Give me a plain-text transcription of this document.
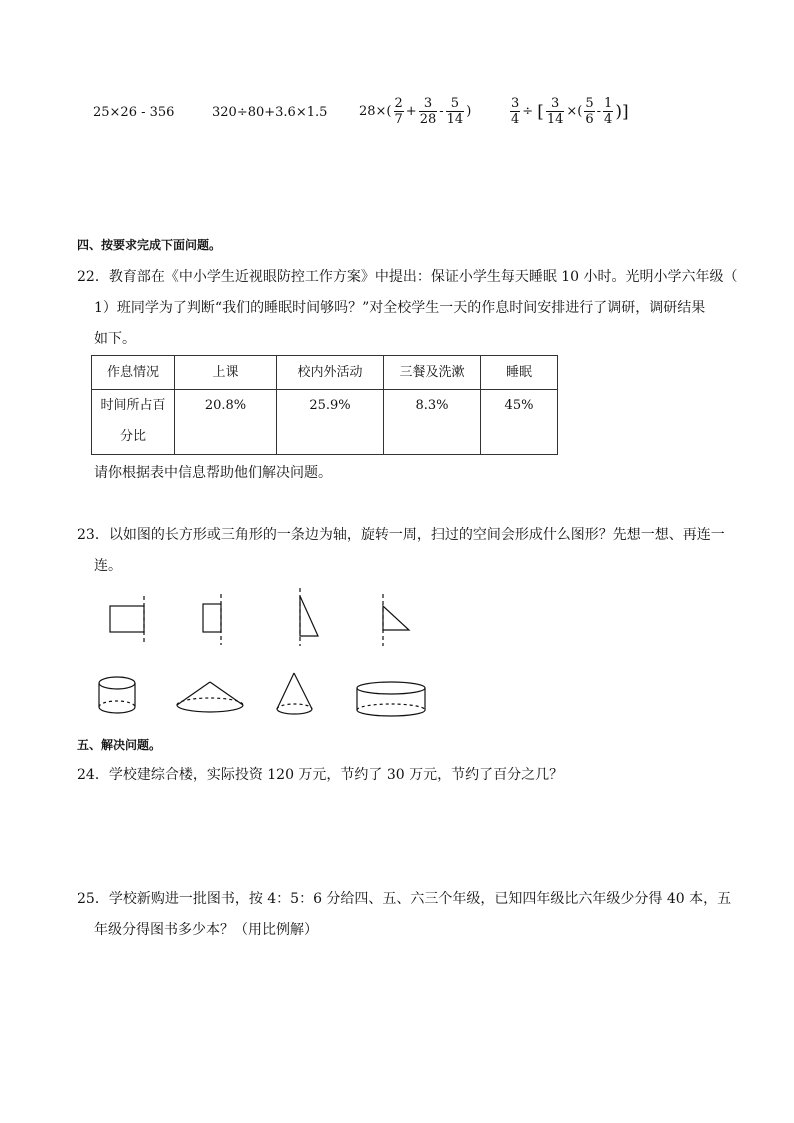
25×26 - 356	320÷80+3.6×1.5 $28\times( \frac{2}{7} + \frac{3}{28} - \frac{5}{14}$ )	$\frac{3}{4}$ ÷ [ $\frac{3}{14}$ ×( $\frac{5}{6} - \frac{1}{4}$ )]
四、按要求完成下面问题。
22．教育部在《中小学生近视眼防控工作方案》中提出：保证小学生每天睡眠 10 小时。光明小学六年级（
1）班同学为了判断“我们的睡眠时间够吗？”对全校学生一天的作息时间安排进行了调研，调研结果
如下。
作息情况	上课	校内外活动	三餐及洗漱	睡眠

时间所占百
分比	20.8%	25.9%	8.3%	45%
请你根据表中信息帮助他们解决问题。
23．以如图的长方形或三角形的一条边为轴，旋转一周，扫过的空间会形成什么图形？先想一想、再连一
连。
五、解决问题。
24．学校建综合楼，实际投资 120 万元，节约了 30 万元，节约了百分之几？
25．学校新购进一批图书，按 4：5：6 分给四、五、六三个年级，已知四年级比六年级少分得 40 本，五
年级分得图书多少本？（用比例解）
